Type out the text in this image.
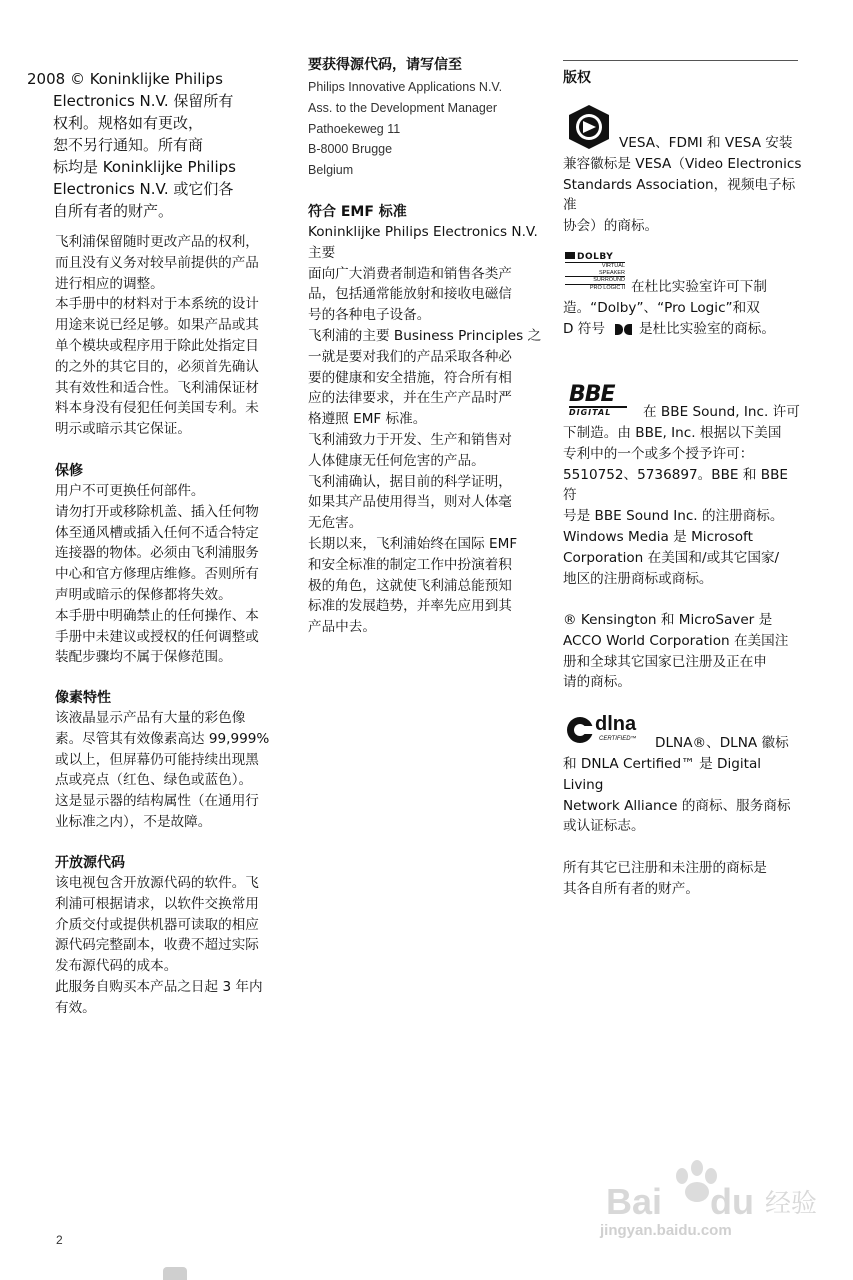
2008 © Koninklijke Philips
Electronics N.V. 保留所有
权利。规格如有更改，
恕不另行通知。所有商
标均是 Koninklijke Philips
Electronics N.V. 或它们各
自所有者的财产。

飞利浦保留随时更改产品的权利，
而且没有义务对较早前提供的产品
进行相应的调整。
本手册中的材料对于本系统的设计
用途来说已经足够。如果产品或其
单个模块或程序用于除此处指定目
的之外的其它目的，必须首先确认
其有效性和适合性。飞利浦保证材
料本身没有侵犯任何美国专利。未
明示或暗示其它保证。

保修

用户不可更换任何部件。
请勿打开或移除机盖、插入任何物
体至通风槽或插入任何不适合特定
连接器的物体。必须由飞利浦服务
中心和官方修理店维修。否则所有
声明或暗示的保修都将失效。
本手册中明确禁止的任何操作、本
手册中未建议或授权的任何调整或
装配步骤均不属于保修范围。

像素特性

该液晶显示产品有大量的彩色像
素。尽管其有效像素高达 99,999%
或以上，但屏幕仍可能持续出现黑
点或亮点（红色、绿色或蓝色）。
这是显示器的结构属性（在通用行
业标准之内），不是故障。

开放源代码

该电视包含开放源代码的软件。飞
利浦可根据请求，以软件交换常用
介质交付或提供机器可读取的相应
源代码完整副本，收费不超过实际
发布源代码的成本。
此服务自购买本产品之日起 3 年内
有效。

要获得源代码，请写信至

Philips Innovative Applications N.V.
Ass. to the Development Manager
Pathoekeweg 11
B-8000 Brugge
Belgium

符合 EMF 标准

Koninklijke Philips Electronics N.V. 主要
面向广大消费者制造和销售各类产
品，包括通常能放射和接收电磁信
号的各种电子设备。
飞利浦的主要 Business Principles 之
一就是要对我们的产品采取各种必
要的健康和安全措施，符合所有相
应的法律要求，并在生产产品时严
格遵照 EMF 标准。
飞利浦致力于开发、生产和销售对
人体健康无任何危害的产品。
飞利浦确认，据目前的科学证明，
如果其产品使用得当，则对人体毫
无危害。
长期以来，飞利浦始终在国际 EMF
和安全标准的制定工作中扮演着积
极的角色，这就使飞利浦总能预知
标准的发展趋势，并率先应用到其
产品中去。

版权

VESA、FDMI 和 VESA 安装
兼容徽标是 VESA（Video Electronics
Standards Association，视频电子标准
协会）的商标。

DOLBY
VIRTUAL
SPEAKER
SURROUND
PRO LOGIC II 在杜比实验室许可下制

造。“Dolby”、“Pro Logic”和双
D 符号	是杜比实验室的商标。

BBE
DIGITAL	在 BBE Sound, Inc. 许可

下制造。由 BBE, Inc. 根据以下美国
专利中的一个或多个授予许可：
5510752、5736897。BBE 和 BBE 符
号是 BBE Sound Inc. 的注册商标。

Windows Media 是 Microsoft
Corporation 在美国和/或其它国家/
地区的注册商标或商标。

® Kensington 和 MicroSaver 是
ACCO World Corporation 在美国注
册和全球其它国家已注册及正在申
请的商标。

dlna
CERTIFIED™ DLNA®、DLNA 徽标

和 DNLA Certified™ 是 Digital Living
Network Alliance 的商标、服务商标
或认证标志。

所有其它已注册和未注册的商标是
其各自所有者的财产。

2
Bai du 经验
jingyan.baidu.com
